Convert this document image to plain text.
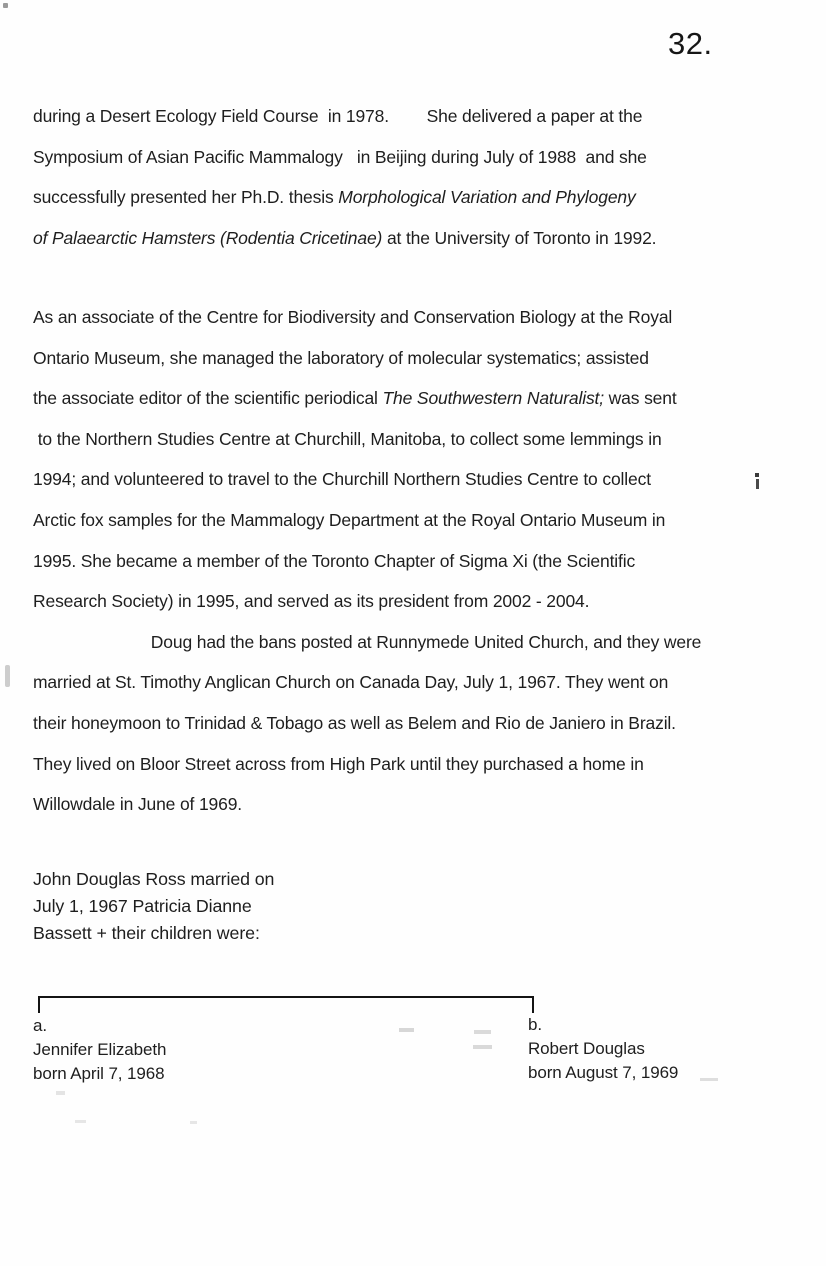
32.
during a Desert Ecology Field Course  in 1978.        She delivered a paper at the
Symposium of Asian Pacific Mammalogy   in Beijing during July of 1988  and she
successfully presented her Ph.D. thesis Morphological Variation and Phylogeny
of Palaearctic Hamsters (Rodentia Cricetinae) at the University of Toronto in 1992.
As an associate of the Centre for Biodiversity and Conservation Biology at the Royal
Ontario Museum, she managed the laboratory of molecular systematics; assisted
the associate editor of the scientific periodical The Southwestern Naturalist; was sent
to the Northern Studies Centre at Churchill, Manitoba, to collect some lemmings in
1994; and volunteered to travel to the Churchill Northern Studies Centre to collect
Arctic fox samples for the Mammalogy Department at the Royal Ontario Museum in
1995. She became a member of the Toronto Chapter of Sigma Xi (the Scientific
Research Society) in 1995, and served as its president from 2002 - 2004.
Doug had the bans posted at Runnymede United Church, and they were
married at St. Timothy Anglican Church on Canada Day, July 1, 1967. They went on
their honeymoon to Trinidad & Tobago as well as Belem and Rio de Janiero in Brazil.
They lived on Bloor Street across from High Park until they purchased a home in
Willowdale in June of 1969.
John Douglas Ross married on
July 1, 1967 Patricia Dianne
Bassett + their children were:
a.
Jennifer Elizabeth
born April 7, 1968
b.
Robert Douglas
born August 7, 1969
